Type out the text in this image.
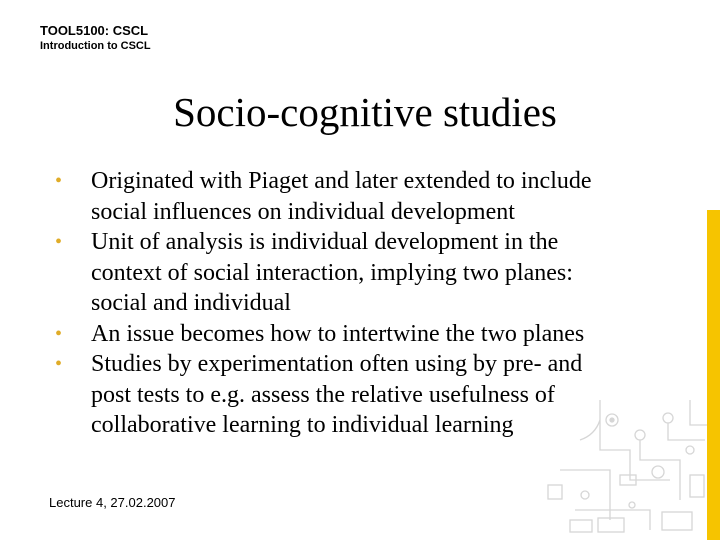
TOOL5100: CSCL
Introduction to CSCL
Socio-cognitive studies
• Originated with Piaget and later extended to include
social influences on individual development
• Unit of analysis is individual development in the
context of social interaction, implying two planes:
social and individual
• An issue becomes how to intertwine the two planes
• Studies by experimentation often using by pre- and
post tests to e.g. assess the relative usefulness of
collaborative learning to individual learning
Lecture 4, 27.02.2007
